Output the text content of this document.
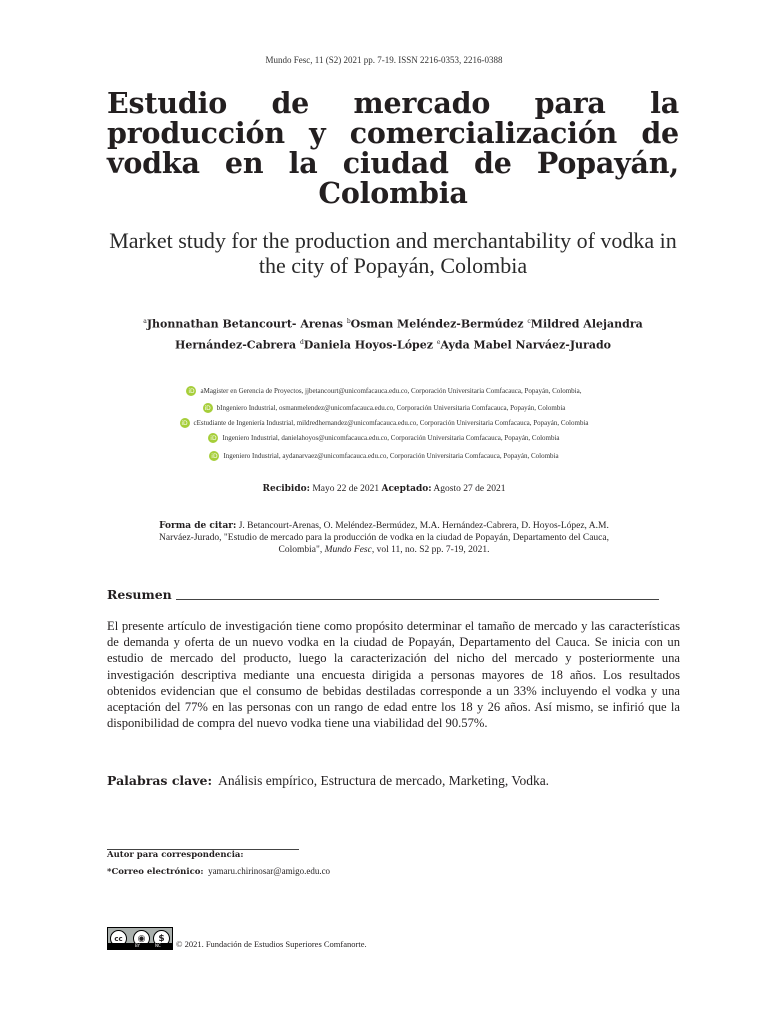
Mundo Fesc, 11 (S2) 2021 pp. 7-19. ISSN 2216-0353, 2216-0388
Estudio de mercado para la producción y comercialización de vodka en la ciudad de Popayán, Colombia
Market study for the production and merchantability of vodka in the city of Popayán, Colombia
$^a$Jhonnathan Betancourt- Arenas $^b$Osman Meléndez-Bermúdez $^c$Mildred Alejandra Hernández-Cabrera $^d$Daniela Hoyos-López $^e$Ayda Mabel Narváez-Jurado
iD aMagister en Gerencia de Proyectos, jjbetancourt@unicomfacauca.edu.co, Corporación Universitaria Comfacauca, Popayán, Colombia,
iD bIngeniero Industrial, osmanmelendez@unicomfacauca.edu.co, Corporación Universitaria Comfacauca, Popayán, Colombia
iD cEstudiante de Ingeniería Industrial, mildredhernandez@unicomfacauca.edu.co, Corporación Universitaria Comfacauca, Popayán, Colombia
iD Ingeniero Industrial, danielahoyos@unicomfacauca.edu.co, Corporación Universitaria Comfacauca, Popayán, Colombia
iD Ingeniero Industrial, aydanarvaez@unicomfacauca.edu.co, Corporación Universitaria Comfacauca, Popayán, Colombia
Recibido: Mayo 22 de 2021 Aceptado: Agosto 27 de 2021
Forma de citar: J. Betancourt-Arenas, O. Meléndez-Bermúdez, M.A. Hernández-Cabrera, D. Hoyos-López, A.M. Narváez-Jurado, "Estudio de mercado para la producción de vodka en la ciudad de Popayán, Departamento del Cauca, Colombia", Mundo Fesc, vol 11, no. S2 pp. 7-19, 2021.
Resumen
El presente artículo de investigación tiene como propósito determinar el tamaño de mercado y las características de demanda y oferta de un nuevo vodka en la ciudad de Popayán, Departamento del Cauca. Se inicia con un estudio de mercado del producto, luego la caracterización del nicho del mercado y posteriormente una investigación descriptiva mediante una encuesta dirigida a personas mayores de 18 años. Los resultados obtenidos evidencian que el consumo de bebidas destiladas corresponde a un 33% incluyendo el vodka y una aceptación del 77% en las personas con un rango de edad entre los 18 y 26 años. Así mismo, se infirió que la disponibilidad de compra del nuevo vodka tiene una viabilidad del 90.57%.
Palabras clave: Análisis empírico, Estructura de mercado, Marketing, Vodka.
Autor para correspondencia:
*Correo electrónico: yamaru.chirinosar@amigo.edu.co
cc	◉	$
BY	NC © 2021. Fundación de Estudios Superiores Comfanorte.
